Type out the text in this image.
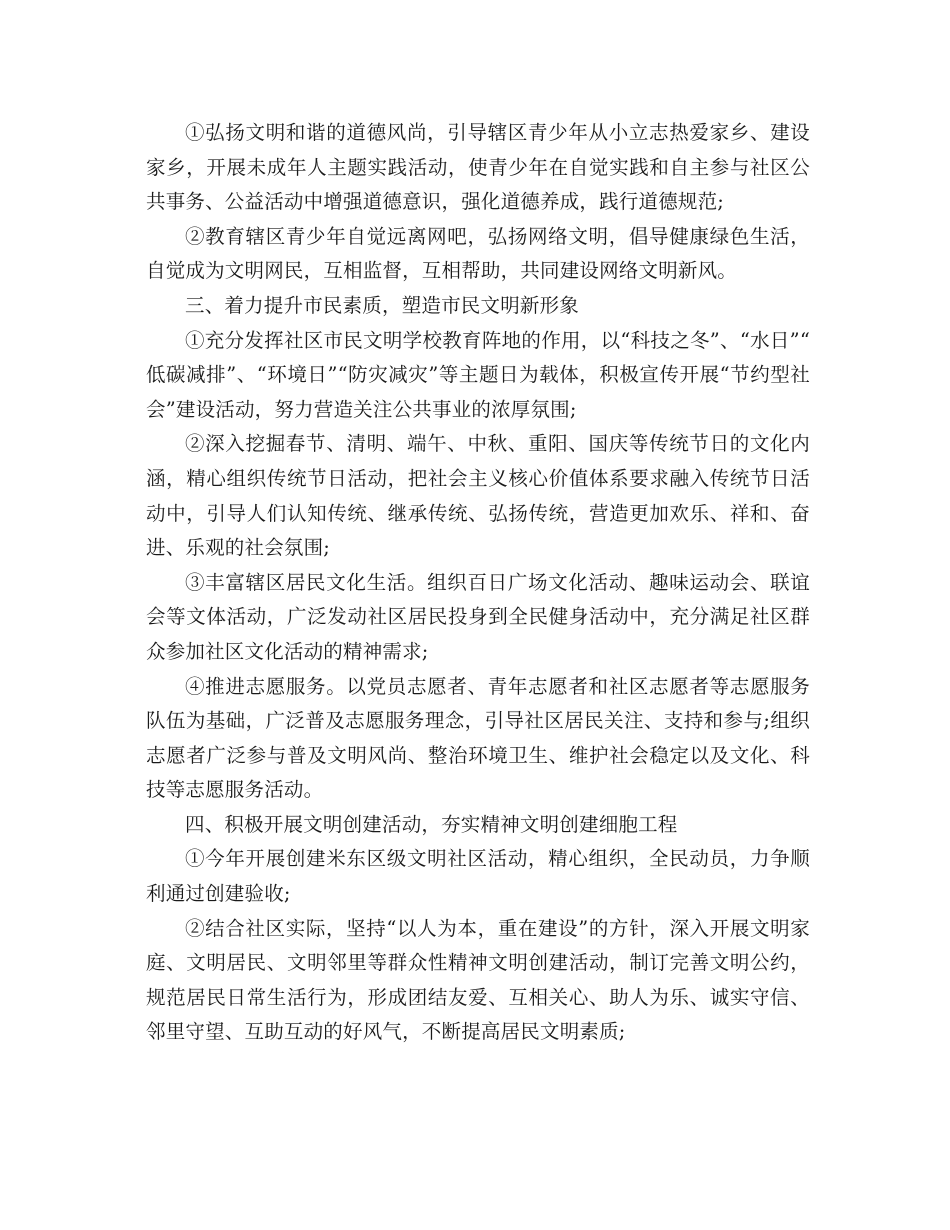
①弘扬文明和谐的道德风尚，引导辖区青少年从小立志热爱家乡、建设家乡，开展未成年人主题实践活动，使青少年在自觉实践和自主参与社区公共事务、公益活动中增强道德意识，强化道德养成，践行道德规范;

②教育辖区青少年自觉远离网吧，弘扬网络文明，倡导健康绿色生活，自觉成为文明网民，互相监督，互相帮助，共同建设网络文明新风。

三、着力提升市民素质，塑造市民文明新形象

①充分发挥社区市民文明学校教育阵地的作用，以“科技之冬”、“水日”“低碳减排”、“环境日”“防灾减灾”等主题日为载体，积极宣传开展“节约型社会”建设活动，努力营造关注公共事业的浓厚氛围;

②深入挖掘春节、清明、端午、中秋、重阳、国庆等传统节日的文化内涵，精心组织传统节日活动，把社会主义核心价值体系要求融入传统节日活动中，引导人们认知传统、继承传统、弘扬传统，营造更加欢乐、祥和、奋进、乐观的社会氛围;

③丰富辖区居民文化生活。组织百日广场文化活动、趣味运动会、联谊会等文体活动，广泛发动社区居民投身到全民健身活动中，充分满足社区群众参加社区文化活动的精神需求;

④推进志愿服务。以党员志愿者、青年志愿者和社区志愿者等志愿服务队伍为基础，广泛普及志愿服务理念，引导社区居民关注、支持和参与;组织志愿者广泛参与普及文明风尚、整治环境卫生、维护社会稳定以及文化、科技等志愿服务活动。

四、积极开展文明创建活动，夯实精神文明创建细胞工程

①今年开展创建米东区级文明社区活动，精心组织，全民动员，力争顺利通过创建验收;

②结合社区实际，坚持“以人为本，重在建设”的方针，深入开展文明家庭、文明居民、文明邻里等群众性精神文明创建活动，制订完善文明公约，规范居民日常生活行为，形成团结友爱、互相关心、助人为乐、诚实守信、邻里守望、互助互动的好风气，不断提高居民文明素质;
